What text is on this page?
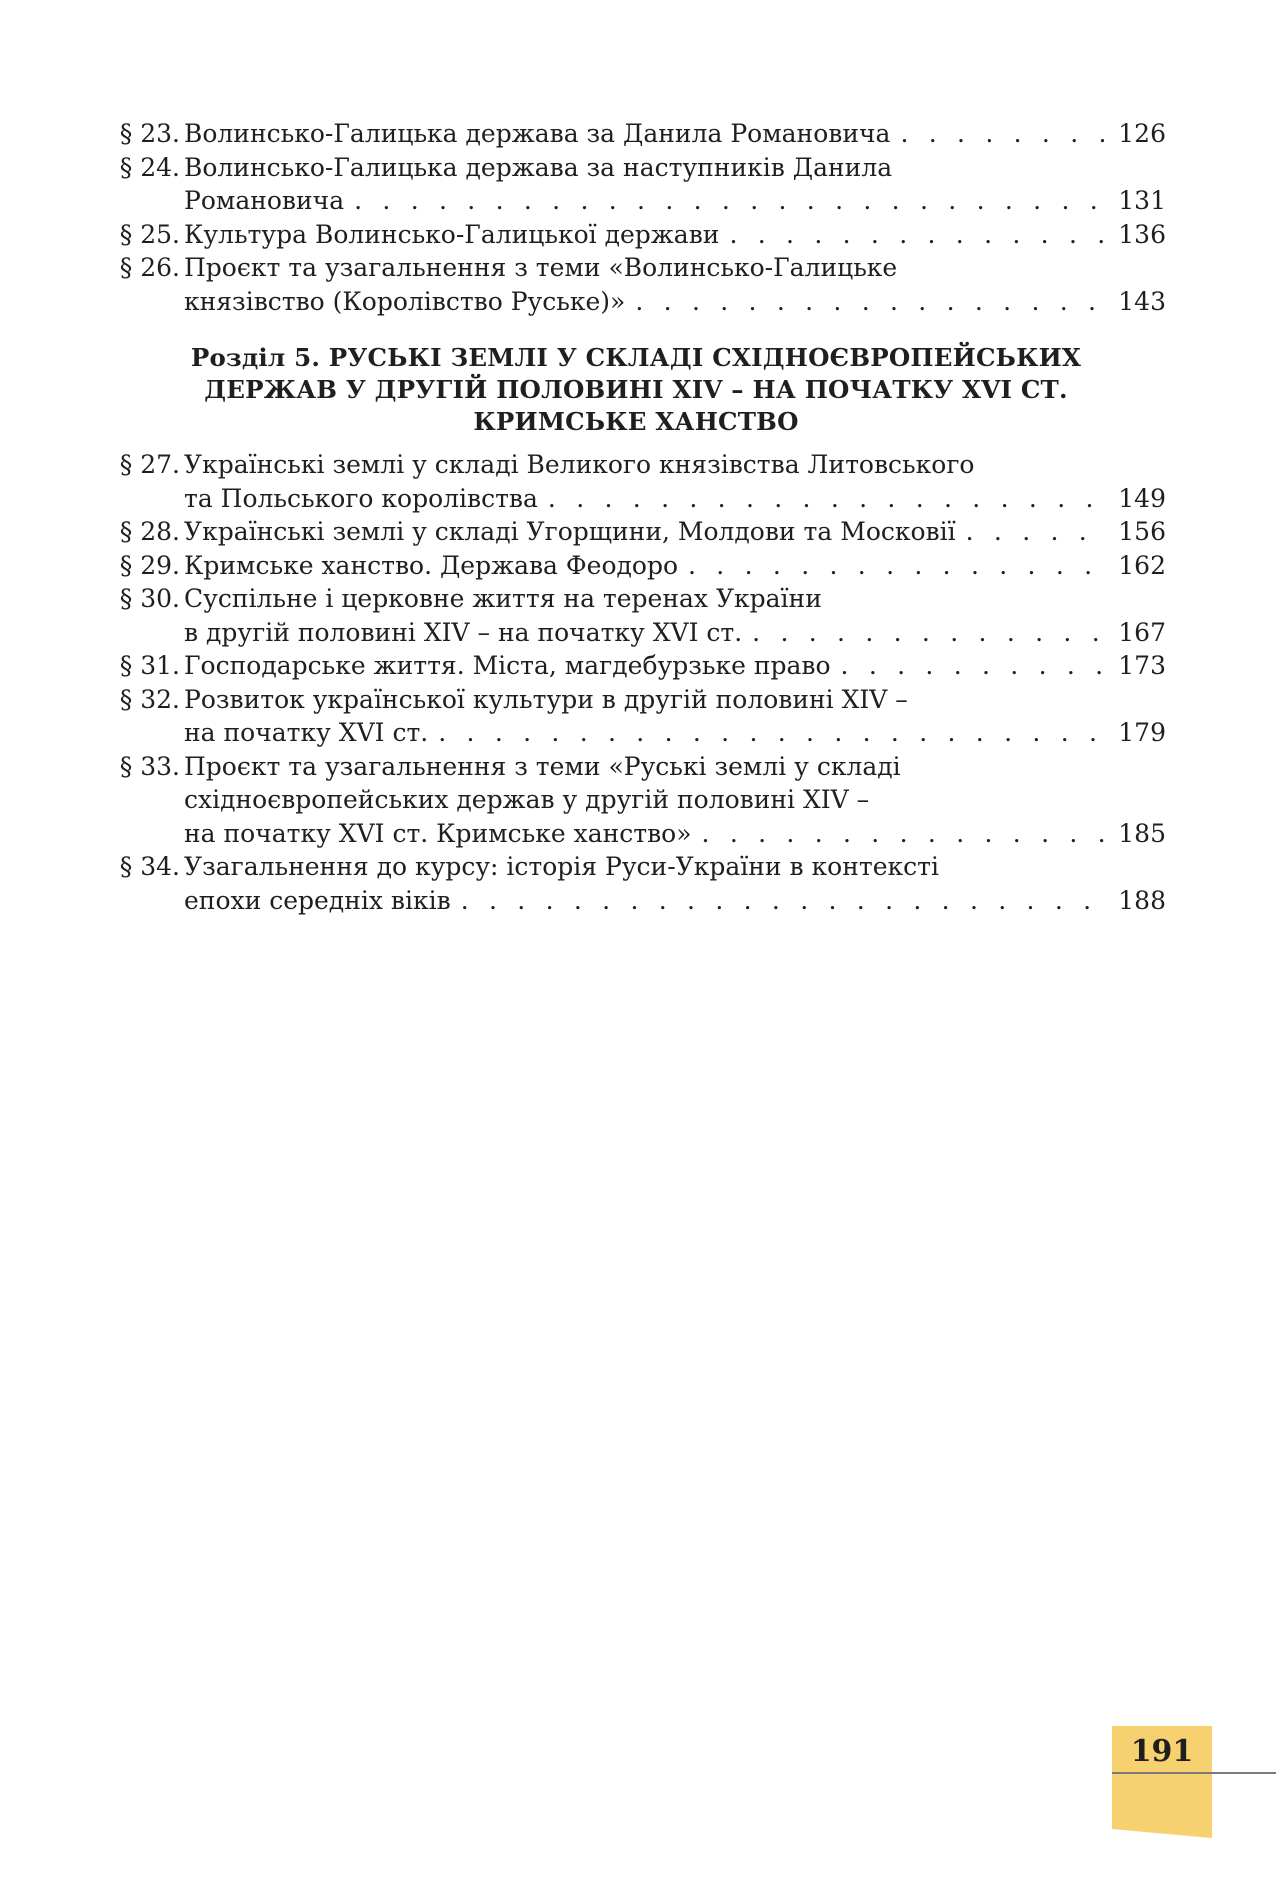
§ 23. Волинсько-Галицька держава за Данила Романовича . . .	126
§ 24. Волинсько-Галицька держава за наступників Данила
Романовича . . .	131
§ 25. Культура Волинсько-Галицької держави . . .	136
§ 26. Проєкт та узагальнення з теми «Волинсько-Галицьке
князівство (Королівство Руське)» . . .	143
Розділ 5. РУСЬКІ ЗЕМЛІ У СКЛАДІ СХІДНОЄВРОПЕЙСЬКИХ
ДЕРЖАВ У ДРУГІЙ ПОЛОВИНІ XIV – НА ПОЧАТКУ XVI СТ.
КРИМСЬКЕ ХАНСТВО
§ 27. Українські землі у складі Великого князівства Литовського
та Польського королівства . . .	149
§ 28. Українські землі у складі Угорщини, Молдови та Московії . . .	156
§ 29. Кримське ханство. Держава Феодоро . . .	162
§ 30. Суспільне і церковне життя на теренах України
в другій половині XIV – на початку XVI ст. . . .	167
§ 31. Господарське життя. Міста, магдебурзьке право . . .	173
§ 32. Розвиток української культури в другій половині XIV –
на початку XVI ст. . . .	179
§ 33. Проєкт та узагальнення з теми «Руські землі у складі
східноєвропейських держав у другій половині XIV –
на початку XVI ст. Кримське ханство» . . .	185
§ 34. Узагальнення до курсу: історія Руси-України в контексті
епохи середніх віків . . .	188
191
